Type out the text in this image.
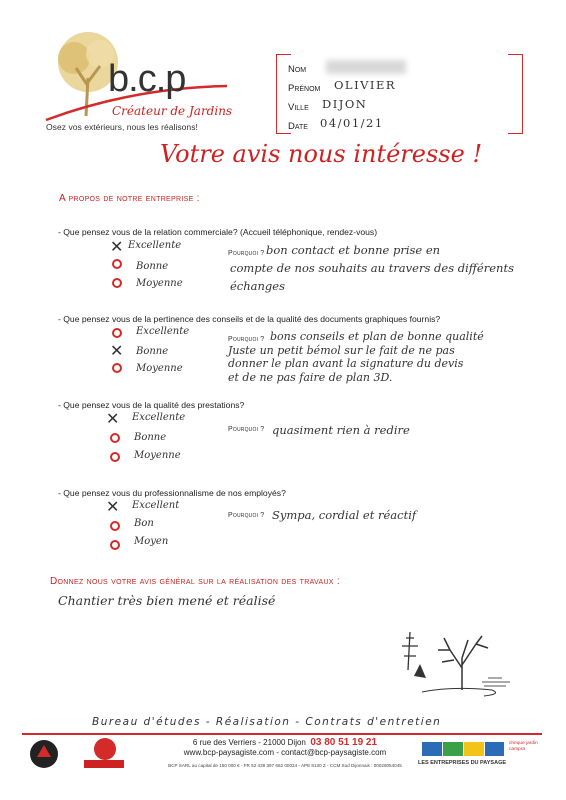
b.c.p
Créateur de Jardins
Osez vos extérieurs, nous les réalisons!
Nom
Prénom
Ville
Date
OLIVIER
DIJON
04/01/21
Votre avis nous intéresse !
A propos de notre entreprise :
- Que pensez vous de la relation commerciale? (Accueil téléphonique, rendez-vous)
✕ Excellente
Bonne
Moyenne
Pourquoi ? bon contact et bonne prise en
compte de nos souhaits au travers des différents
échanges
- Que pensez vous de la pertinence des conseils et de la qualité des documents graphiques fournis?
✕
Excellente
Bonne
Moyenne
Pourquoi ? bons conseils et plan de bonne qualité
Juste un petit bémol sur le fait de ne pas
donner le plan avant la signature du devis
et de ne pas faire de plan 3D.
- Que pensez vous de la qualité des prestations?
✕ Excellente
Bonne
Moyenne
Pourquoi ? quasiment rien à redire
- Que pensez vous du professionnalisme de nos employés?
✕ Excellent
Bon
Moyen
Pourquoi ? Sympa, cordial et réactif
Donnez nous votre avis général sur la réalisation des travaux :
Chantier très bien mené et réalisé
Bureau d'études - Réalisation - Contrats d'entretien
6 rue des Verriers - 21000 Dijon 03 80 51 19 21
www.bcp-paysagiste.com - contact@bcp-paysagiste.com
BCP SARL au capital de 150 000 € - FR 52 439 397 662 00024 - APE 8130 Z - CCM Sud Dijonnais : 00028054045
cheque jardin campra
LES ENTREPRISES DU PAYSAGE
